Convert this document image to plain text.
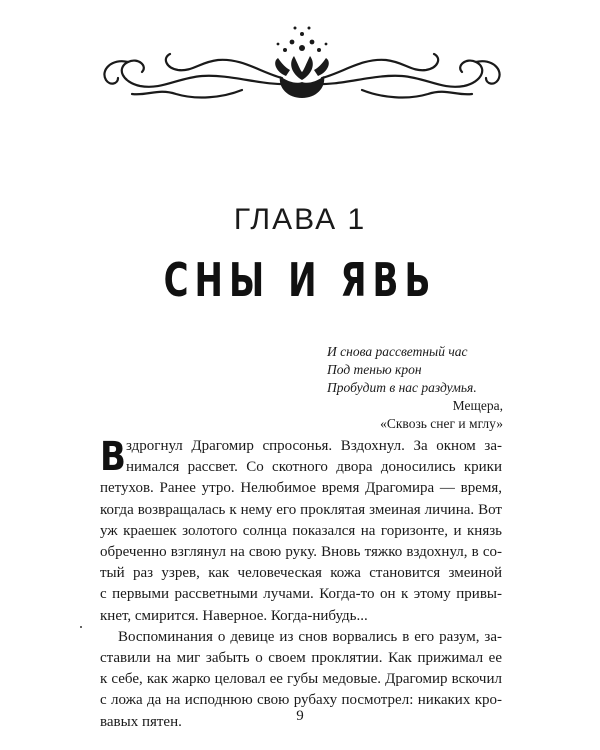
ГЛАВА 1
СНЫ И ЯВЬ
И снова рассветный час
Под тенью крон
Пробудит в нас раздумья.
Мещера,
«Сквозь снег и мглу»
В здрогнул Драгомир спросонья. Вздохнул. За окном за-
нимался рассвет. Со скотного двора доносились крики
петухов. Ранее утро. Нелюбимое время Драгомира — время,
когда возвращалась к нему его проклятая змеиная личина. Вот
уж краешек золотого солнца показался на горизонте, и князь
обреченно взглянул на свою руку. Вновь тяжко вздохнул, в со-
тый раз узрев, как человеческая кожа становится змеиной
с первыми рассветными лучами. Когда-то он к этому привы-
кнет, смирится. Наверное. Когда-нибудь...
Воспоминания о девице из снов ворвались в его разум, за-
ставили на миг забыть о своем проклятии. Как прижимал ее
к себе, как жарко целовал ее губы медовые. Драгомир вскочил
с ложа да на исподнюю свою рубаху посмотрел: никаких кро-
вавых пятен.	9
